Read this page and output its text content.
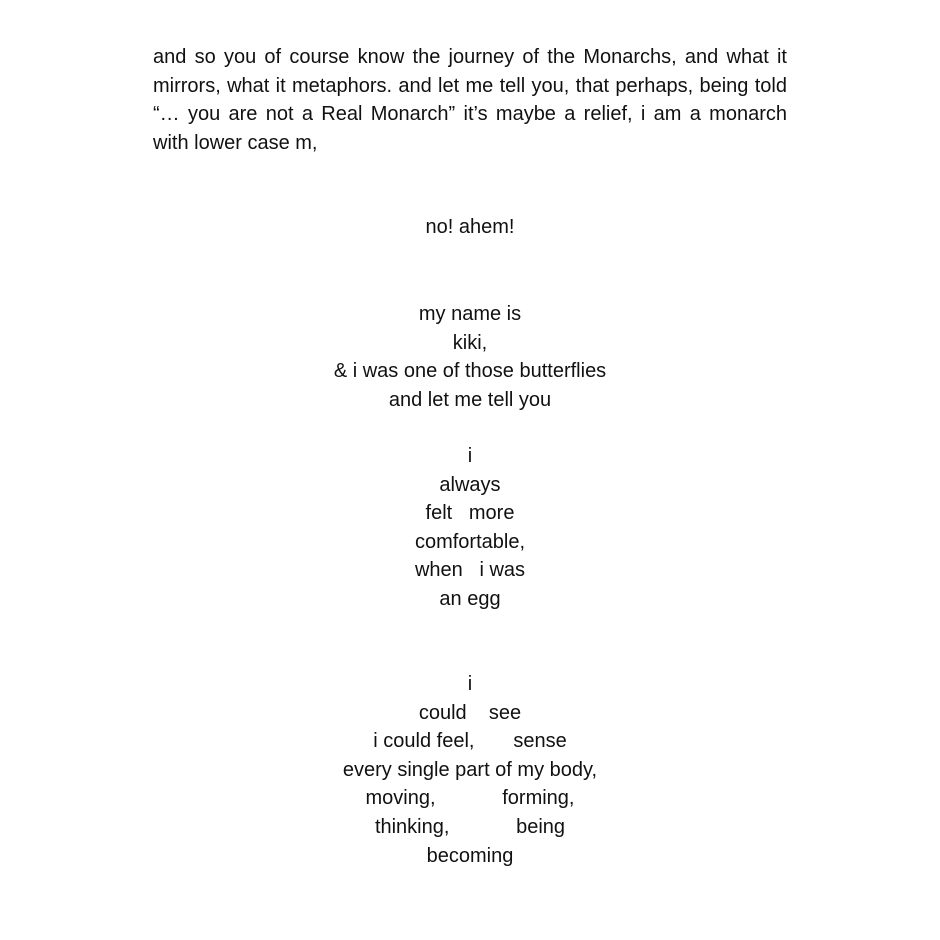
and so you of course know the journey of the Monarchs, and what it mirrors, what it metaphors. and let me tell you, that perhaps, being told “… you are not a Real Monarch” it’s maybe a relief, i am a monarch with lower case m,

no! ahem!
my name is
kiki,
& i was one of those butterflies
and let me tell you
i
always
felt   more
comfortable,
when   i was
an egg
i
could    see
i could feel,       sense
every single part of my body,
moving,            forming,
thinking,            being
becoming
